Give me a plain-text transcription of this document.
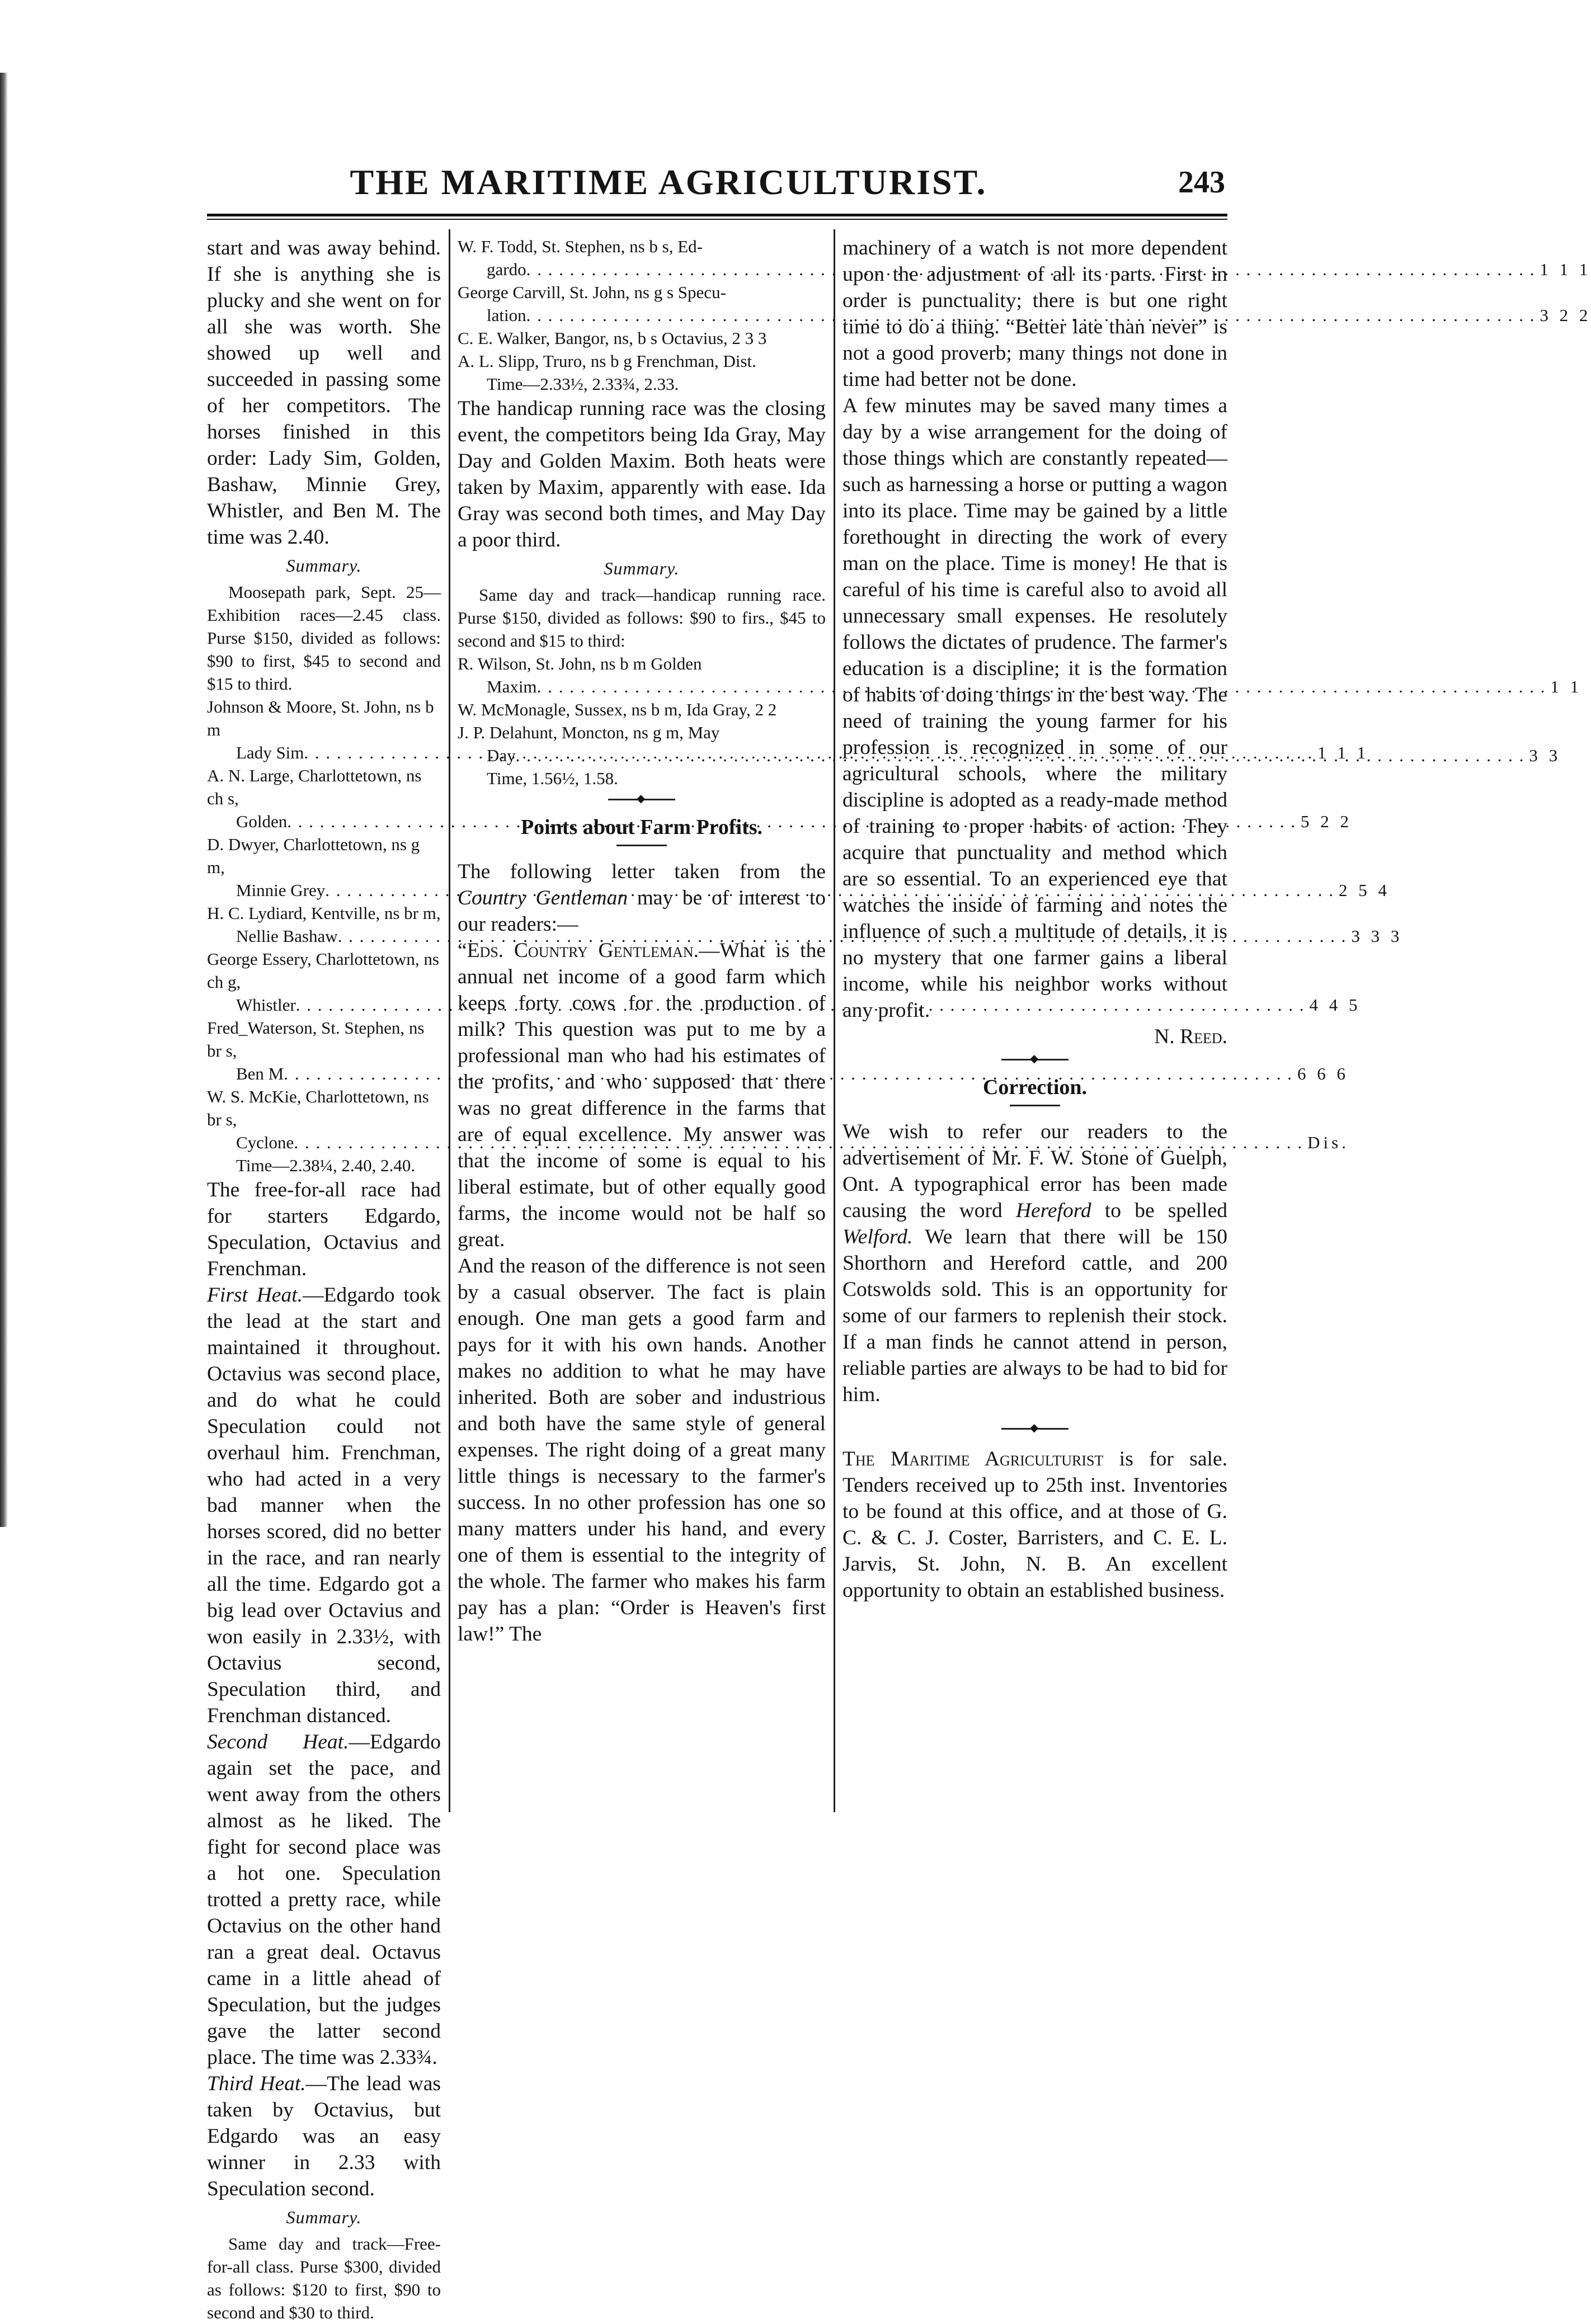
THE MARITIME AGRICULTURIST.	243

start and was away behind. If she is anything she is plucky and she went on for all she was worth. She showed up well and succeeded in passing some of her competitors. The horses finished in this order: Lady Sim, Golden, Bashaw, Minnie Grey, Whistler, and Ben M. The time was 2.40.

Summary.

Moosepath park, Sept. 25—Exhibition races—2.45 class. Purse $150, divided as follows: $90 to first, $45 to second and $15 to third.

Johnson & Moore, St. John, ns b m
Lady Sim . . .	1 1 1
A. N. Large, Charlottetown, ns ch s,
Golden . . .	5 2 2
D. Dwyer, Charlottetown, ns g m,
Minnie Grey . . .	2 5 4
H. C. Lydiard, Kentville, ns br m,
Nellie Bashaw . . .	3 3 3
George Essery, Charlottetown, ns ch g,
Whistler . . .	4 4 5
Fred_Waterson, St. Stephen, ns br s,
Ben M . . .	6 6 6
W. S. McKie, Charlottetown, ns br s,
Cyclone . . .	Dis.
Time—2.38¼, 2.40, 2.40.

The free-for-all race had for starters Edgardo, Speculation, Octavius and Frenchman.

First Heat.—Edgardo took the lead at the start and maintained it throughout. Octavius was second place, and do what he could Speculation could not overhaul him. Frenchman, who had acted in a very bad manner when the horses scored, did no better in the race, and ran nearly all the time. Edgardo got a big lead over Octavius and won easily in 2.33½, with Octavius second, Speculation third, and Frenchman distanced.

Second Heat.—Edgardo again set the pace, and went away from the others almost as he liked. The fight for second place was a hot one. Speculation trotted a pretty race, while Octavius on the other hand ran a great deal. Octavus came in a little ahead of Speculation, but the judges gave the latter second place. The time was 2.33¾.

Third Heat.—The lead was taken by Octavius, but Edgardo was an easy winner in 2.33 with Speculation second.

Summary.

Same day and track—Free-for-all class. Purse $300, divided as follows: $120 to first, $90 to second and $30 to third.

W. F. Todd, St. Stephen, ns b s, Ed-
gardo . . .	1 1 1
George Carvill, St. John, ns g s Specu-
lation . . .	3 2 2
C. E. Walker, Bangor, ns, b s Octavius, 2 3 3
A. L. Slipp, Truro, ns b g Frenchman, Dist.
Time—2.33½, 2.33¾, 2.33.

The handicap running race was the closing event, the competitors being Ida Gray, May Day and Golden Maxim. Both heats were taken by Maxim, apparently with ease. Ida Gray was second both times, and May Day a poor third.

Summary.

Same day and track—handicap running race. Purse $150, divided as follows: $90 to firs., $45 to second and $15 to third:

R. Wilson, St. John, ns b m Golden
Maxim . . .	1 1
W. McMonagle, Sussex, ns b m, Ida Gray, 2 2
J. P. Delahunt, Moncton, ns g m, May
Day . . .	3 3
Time, 1.56½, 1.58.
◆
Points about Farm Profits.

The following letter taken from the Country Gentleman may be of interest to our readers:—

“Eds. Country Gentleman.—What is the annual net income of a good farm which keeps forty cows for the production of milk? This question was put to me by a professional man who had his estimates of the profits, and who supposed that there was no great difference in the farms that are of equal excellence. My answer was that the income of some is equal to his liberal estimate, but of other equally good farms, the income would not be half so great.

And the reason of the difference is not seen by a casual observer. The fact is plain enough. One man gets a good farm and pays for it with his own hands. Another makes no addition to what he may have inherited. Both are sober and industrious and both have the same style of general expenses. The right doing of a great many little things is necessary to the farmer's success. In no other profession has one so many matters under his hand, and every one of them is essential to the integrity of the whole. The farmer who makes his farm pay has a plan: “Order is Heaven's first law!” The

machinery of a watch is not more dependent upon the adjustment of all its parts. First in order is punctuality; there is but one right time to do a thing. “Better late than never” is not a good proverb; many things not done in time had better not be done.

A few minutes may be saved many times a day by a wise arrangement for the doing of those things which are constantly repeated—such as harnessing a horse or putting a wagon into its place. Time may be gained by a little forethought in directing the work of every man on the place. Time is money! He that is careful of his time is careful also to avoid all unnecessary small expenses. He resolutely follows the dictates of prudence. The farmer's education is a discipline; it is the formation of habits of doing things in the best way. The need of training the young farmer for his profession is recognized in some of our agricultural schools, where the military discipline is adopted as a ready-made method of training to proper habits of action. They acquire that punctuality and method which are so essential. To an experienced eye that watches the inside of farming and notes the influence of such a multitude of details, it is no mystery that one farmer gains a liberal income, while his neighbor works without any profit.

N. Reed.
◆
Correction.

We wish to refer our readers to the advertisement of Mr. F. W. Stone of Guelph, Ont. A typographical error has been made causing the word Hereford to be spelled Welford. We learn that there will be 150 Shorthorn and Hereford cattle, and 200 Cotswolds sold. This is an opportunity for some of our farmers to replenish their stock. If a man finds he cannot attend in person, reliable parties are always to be had to bid for him.

◆

The Maritime Agriculturist is for sale. Tenders received up to 25th inst. Inventories to be found at this office, and at those of G. C. & C. J. Coster, Barristers, and C. E. L. Jarvis, St. John, N. B. An excellent opportunity to obtain an established business.
